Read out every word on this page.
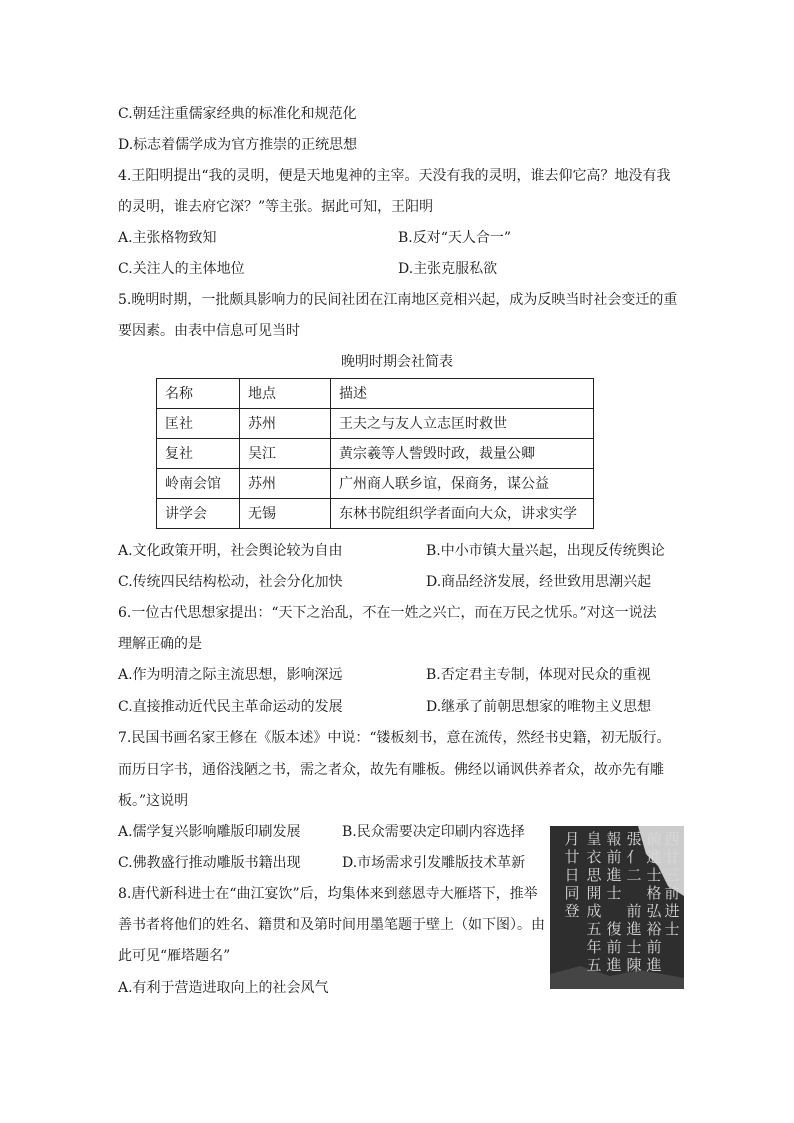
C.朝廷注重儒家经典的标准化和规范化
D.标志着儒学成为官方推崇的正统思想
4.王阳明提出“我的灵明，便是天地鬼神的主宰。天没有我的灵明，谁去仰它高？地没有我
的灵明，谁去府它深？”等主张。据此可知，王阳明
A.主张格物致知	B.反对“天人合一”
C.关注人的主体地位	D.主张克服私欲
5.晚明时期，一批颇具影响力的民间社团在江南地区竞相兴起，成为反映当时社会变迁的重
要因素。由表中信息可见当时
晚明时期会社简表
名称	地点	描述
匡社	苏州	王夫之与友人立志匡时救世
复社	吴江	黄宗羲等人訾毁时政，裁量公卿
岭南会馆	苏州	广州商人联乡谊，保商务，谋公益
讲学会	无锡	东林书院组织学者面向大众，讲求实学
A.文化政策开明，社会舆论较为自由	B.中小市镇大量兴起，出现反传统舆论
C.传统四民结构松动，社会分化加快	D.商品经济发展，经世致用思潮兴起
6.一位古代思想家提出：“天下之治乱，不在一姓之兴亡，而在万民之忧乐。”对这一说法
理解正确的是
A.作为明清之际主流思想，影响深远	B.否定君主专制，体现对民众的重视
C.直接推动近代民主革命运动的发展	D.继承了前朝思想家的唯物主义思想
7.民国书画名家王修在《版本述》中说：“镂板刻书，意在流传，然经书史籍，初无版行。
而历日字书，通俗浅陋之书，需之者众，故先有雕板。佛经以诵讽供养者众，故亦先有雕
板。”这说明
A.儒学复兴影响雕版印刷发展	B.民众需要决定印刷内容选择
C.佛教盛行推动雕版书籍出现	D.市场需求引发雕版技术革新
8.唐代新科进士在“曲江宴饮”后，均集体来到慈恩寺大雁塔下，推举
善书者将他们的姓名、籍贯和及第时间用墨笔题于壁上（如下图）。由
此可见“雁塔题名”
A.有利于营造进取向上的社会风气
西
廿
三
前
进
士
前
進
士
格
弘
裕
前
進
張
亻
二
前
進
士
陳
報
前
進
士
復
前
進
皇
衣
思
開
成
五
年
五
月
廿
日
同
登
